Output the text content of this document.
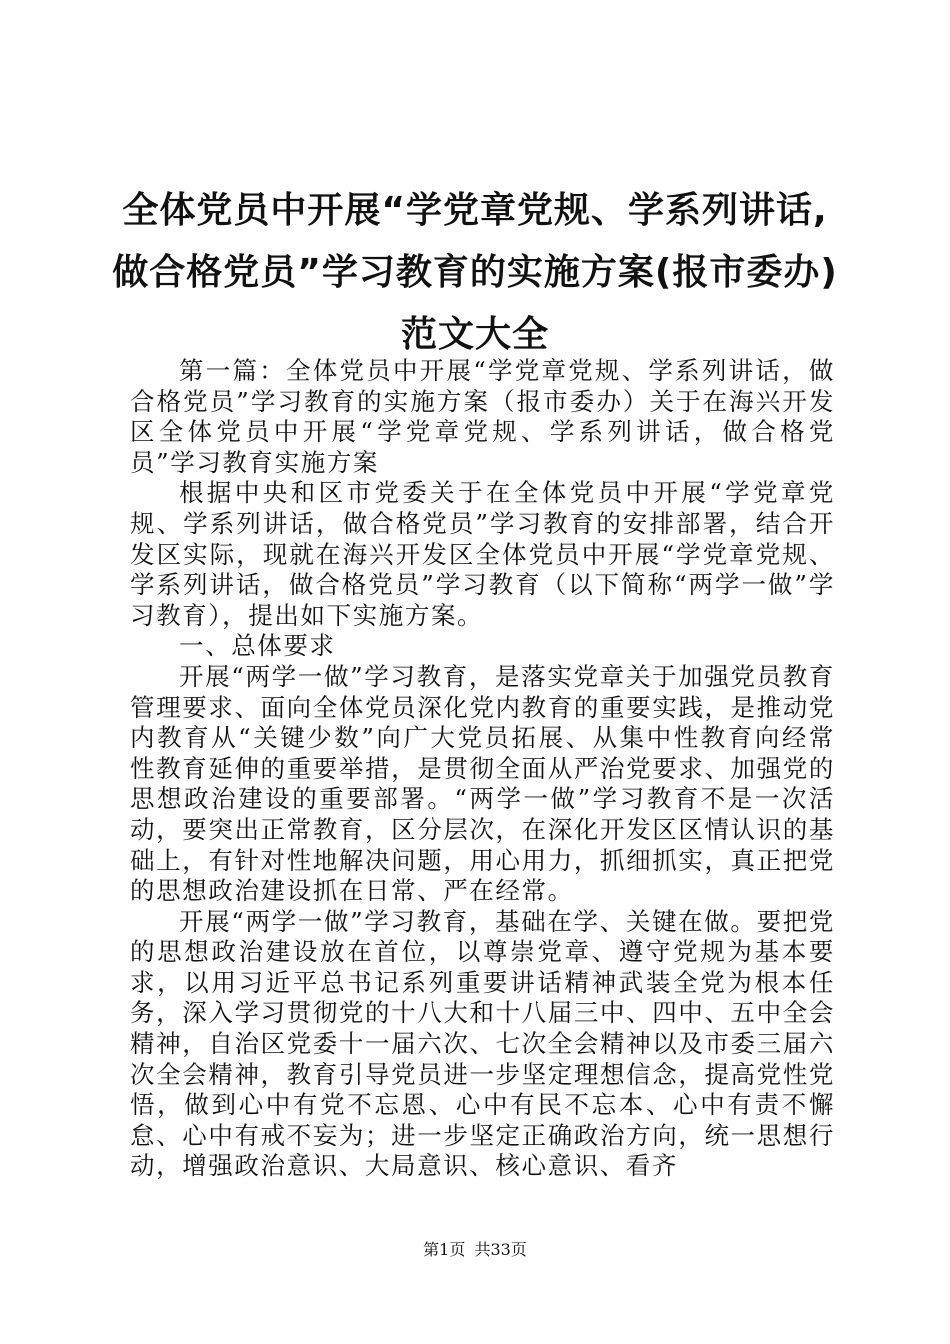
全体党员中开展“学党章党规、学系列讲话,
做合格党员”学习教育的实施方案(报市委办)
范文大全

第一篇：全体党员中开展“学党章党规、学系列讲话，做合格党员”学习教育的实施方案（报市委办）关于在海兴开发区全体党员中开展“学党章党规、学系列讲话，做合格党员”学习教育实施方案

根据中央和区市党委关于在全体党员中开展“学党章党规、学系列讲话，做合格党员”学习教育的安排部署，结合开发区实际，现就在海兴开发区全体党员中开展“学党章党规、学系列讲话，做合格党员”学习教育（以下简称“两学一做”学习教育），提出如下实施方案。

一、总体要求

开展“两学一做”学习教育，是落实党章关于加强党员教育管理要求、面向全体党员深化党内教育的重要实践，是推动党内教育从“关键少数”向广大党员拓展、从集中性教育向经常性教育延伸的重要举措，是贯彻全面从严治党要求、加强党的思想政治建设的重要部署。“两学一做”学习教育不是一次活动，要突出正常教育，区分层次，在深化开发区区情认识的基础上，有针对性地解决问题，用心用力，抓细抓实，真正把党的思想政治建设抓在日常、严在经常。

开展“两学一做”学习教育，基础在学、关键在做。要把党的思想政治建设放在首位，以尊崇党章、遵守党规为基本要求，以用习近平总书记系列重要讲话精神武装全党为根本任务，深入学习贯彻党的十八大和十八届三中、四中、五中全会精神，自治区党委十一届六次、七次全会精神以及市委三届六次全会精神，教育引导党员进一步坚定理想信念，提高党性党悟，做到心中有党不忘恩、心中有民不忘本、心中有责不懈怠、心中有戒不妄为；进一步坚定正确政治方向，统一思想行动，增强政治意识、大局意识、核心意识、看齐

第1页 共33页
